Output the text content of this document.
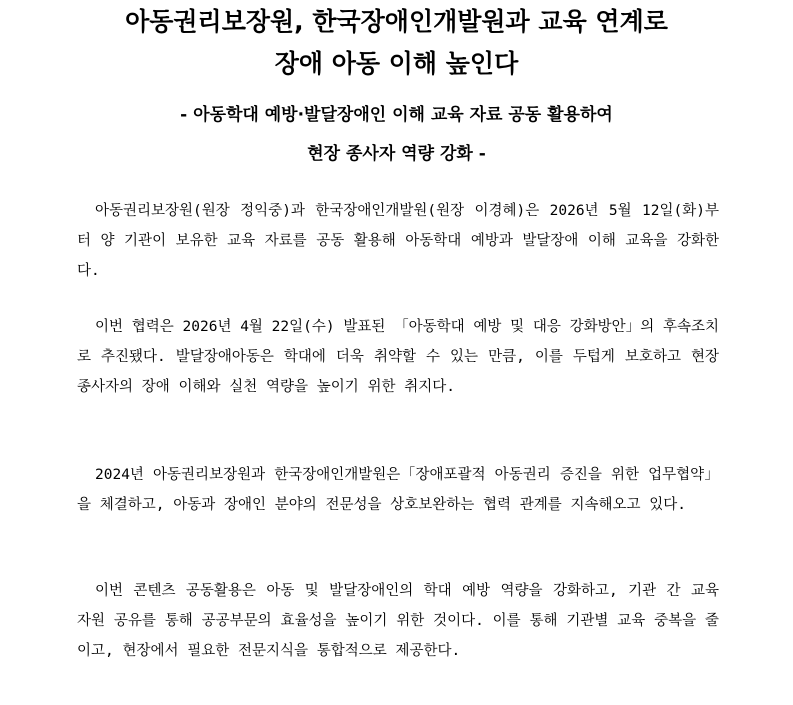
아동권리보장원, 한국장애인개발원과 교육 연계로
장애 아동 이해 높인다
- 아동학대 예방·발달장애인 이해 교육 자료 공동 활용하여
현장 종사자 역량 강화 -

아동권리보장원(원장 정익중)과 한국장애인개발원(원장 이경혜)은 2026년 5월 12일(화)부터 양 기관이 보유한 교육 자료를 공동 활용해 아동학대 예방과 발달장애 이해 교육을 강화한다.

이번 협력은 2026년 4월 22일(수) 발표된 「아동학대 예방 및 대응 강화방안」의 후속조치로 추진됐다. 발달장애아동은 학대에 더욱 취약할 수 있는 만큼, 이를 두텁게 보호하고 현장 종사자의 장애 이해와 실천 역량을 높이기 위한 취지다.

2024년 아동권리보장원과 한국장애인개발원은「장애포괄적 아동권리 증진을 위한 업무협약」을 체결하고, 아동과 장애인 분야의 전문성을 상호보완하는 협력 관계를 지속해오고 있다.

이번 콘텐츠 공동활용은 아동 및 발달장애인의 학대 예방 역량을 강화하고, 기관 간 교육 자원 공유를 통해 공공부문의 효율성을 높이기 위한 것이다. 이를 통해 기관별 교육 중복을 줄이고, 현장에서 필요한 전문지식을 통합적으로 제공한다.
